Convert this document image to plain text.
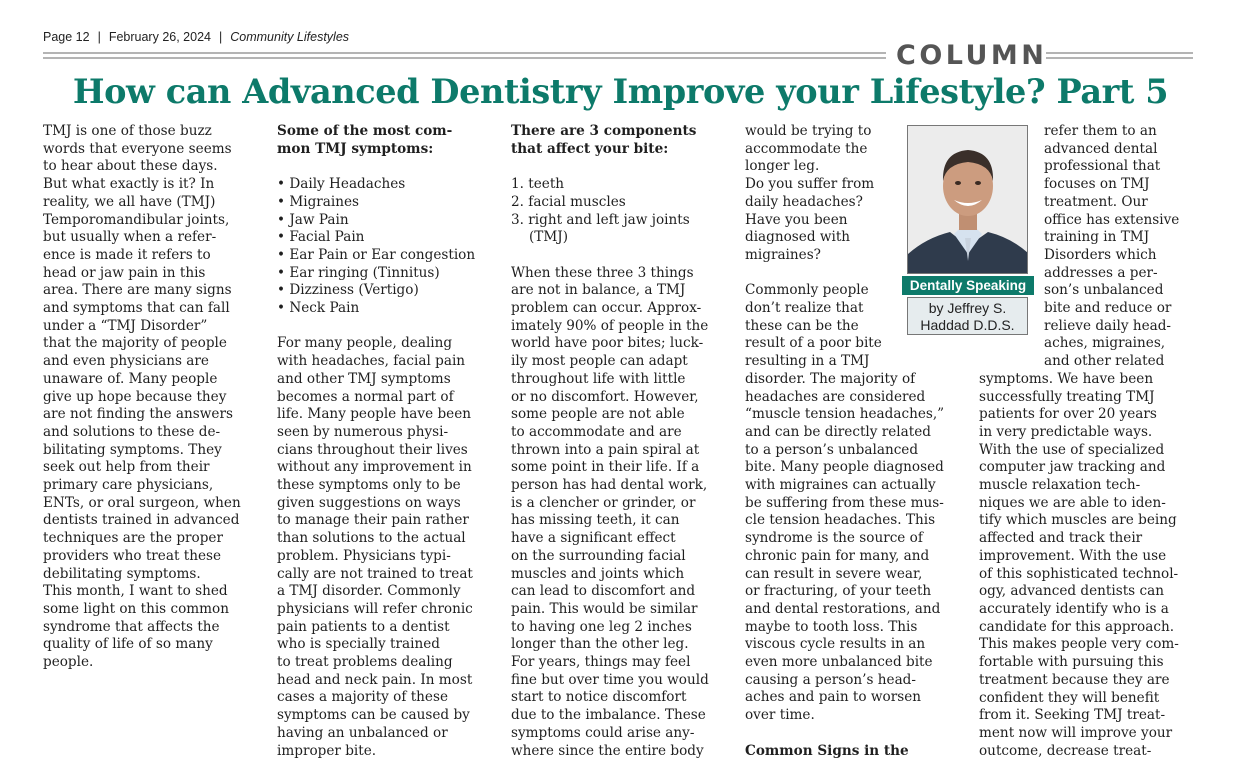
Page 12 | February 26, 2024 | Community Lifestyles
COLUMN
How can Advanced Dentistry Improve your Lifestyle? Part 5

TMJ is one of those buzz

words that everyone seems

to hear about these days.

But what exactly is it? In

reality, we all have (TMJ)

Temporomandibular joints,

but usually when a refer-

ence is made it refers to

head or jaw pain in this

area. There are many signs

and symptoms that can fall

under a “TMJ Disorder”

that the majority of people

and even physicians are

unaware of. Many people

give up hope because they

are not finding the answers

and solutions to these de-

bilitating symptoms. They

seek out help from their

primary care physicians,

ENTs, or oral surgeon, when

dentists trained in advanced

techniques are the proper

providers who treat these

debilitating symptoms.

This month, I want to shed

some light on this common

syndrome that affects the

quality of life of so many

people.

Some of the most com-

mon TMJ symptoms:

• Daily Headaches
• Migraines
• Jaw Pain
• Facial Pain
• Ear Pain or Ear congestion
• Ear ringing (Tinnitus)
• Dizziness (Vertigo)
• Neck Pain

For many people, dealing

with headaches, facial pain

and other TMJ symptoms

becomes a normal part of

life. Many people have been

seen by numerous physi-

cians throughout their lives

without any improvement in

these symptoms only to be

given suggestions on ways

to manage their pain rather

than solutions to the actual

problem. Physicians typi-

cally are not trained to treat

a TMJ disorder. Commonly

physicians will refer chronic

pain patients to a dentist

who is specially trained

to treat problems dealing

head and neck pain. In most

cases a majority of these

symptoms can be caused by

having an unbalanced or

improper bite.

There are 3 components

that affect your bite:

1. teeth
2. facial muscles
3. right and left jaw joints (TMJ)

When these three 3 things

are not in balance, a TMJ

problem can occur. Approx-

imately 90% of people in the

world have poor bites; luck-

ily most people can adapt

throughout life with little

or no discomfort. However,

some people are not able

to accommodate and are

thrown into a pain spiral at

some point in their life. If a

person has had dental work,

is a clencher or grinder, or

has missing teeth, it can

have a significant effect

on the surrounding facial

muscles and joints which

can lead to discomfort and

pain. This would be similar

to having one leg 2 inches

longer than the other leg.

For years, things may feel

fine but over time you would

start to notice discomfort

due to the imbalance. These

symptoms could arise any-

where since the entire body

would be trying to

accommodate the

longer leg.

Do you suffer from

daily headaches?

Have you been

diagnosed with

migraines?

Commonly people

don’t realize that

these can be the

result of a poor bite

resulting in a TMJ

disorder. The majority of

headaches are considered

“muscle tension headaches,”

and can be directly related

to a person’s unbalanced

bite. Many people diagnosed

with migraines can actually

be suffering from these mus-

cle tension headaches. This

syndrome is the source of

chronic pain for many, and

can result in severe wear,

or fracturing, of your teeth

and dental restorations, and

maybe to tooth loss. This

viscous cycle results in an

even more unbalanced bite

causing a person’s head-

aches and pain to worsen

over time.

Common Signs in the

refer them to an

advanced dental

professional that

focuses on TMJ

treatment. Our

office has extensive

training in TMJ

Disorders which

addresses a per-

son’s unbalanced

bite and reduce or

relieve daily head-

aches, migraines,

and other related

symptoms. We have been

successfully treating TMJ

patients for over 20 years

in very predictable ways.

With the use of specialized

computer jaw tracking and

muscle relaxation tech-

niques we are able to iden-

tify which muscles are being

affected and track their

improvement. With the use

of this sophisticated technol-

ogy, advanced dentists can

accurately identify who is a

candidate for this approach.

This makes people very com-

fortable with pursuing this

treatment because they are

confident they will benefit

from it. Seeking TMJ treat-

ment now will improve your

outcome, decrease treat-

Dentally Speaking
by Jeffrey S.
Haddad D.D.S.
